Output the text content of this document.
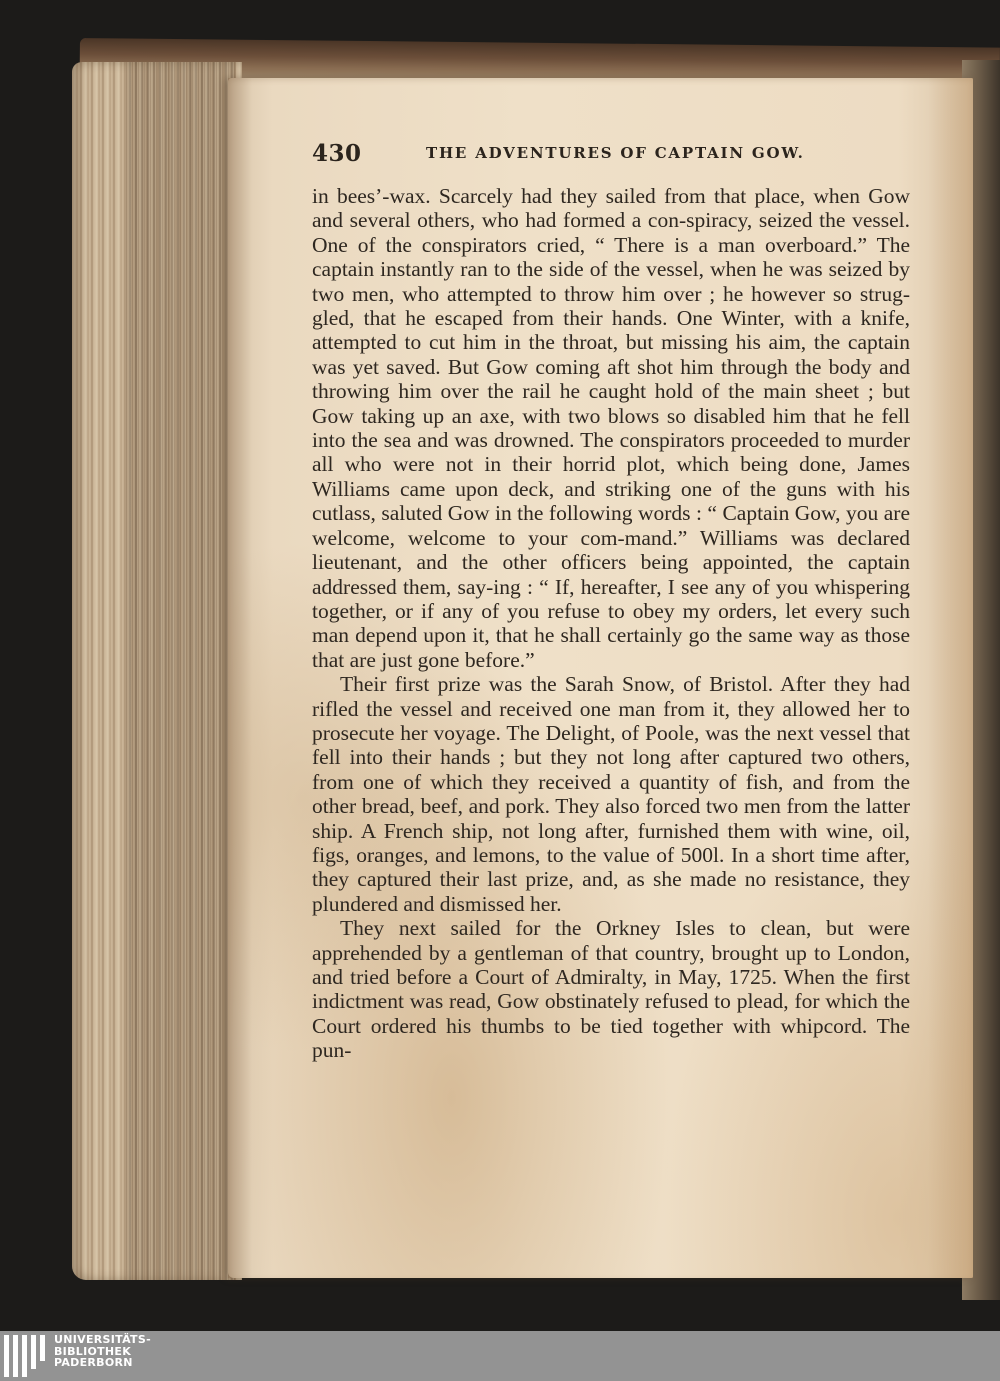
430	THE ADVENTURES OF CAPTAIN GOW.

in bees’-wax. Scarcely had they sailed from that place, when Gow and several others, who had formed a con-spiracy, seized the vessel. One of the conspirators cried, “ There is a man overboard.” The captain instantly ran to the side of the vessel, when he was seized by two men, who attempted to throw him over ; he however so strug-gled, that he escaped from their hands. One Winter, with a knife, attempted to cut him in the throat, but missing his aim, the captain was yet saved. But Gow coming aft shot him through the body and throwing him over the rail he caught hold of the main sheet ; but Gow taking up an axe, with two blows so disabled him that he fell into the sea and was drowned. The conspirators proceeded to murder all who were not in their horrid plot, which being done, James Williams came upon deck, and striking one of the guns with his cutlass, saluted Gow in the following words : “ Captain Gow, you are welcome, welcome to your com-mand.” Williams was declared lieutenant, and the other officers being appointed, the captain addressed them, say-ing : “ If, hereafter, I see any of you whispering together, or if any of you refuse to obey my orders, let every such man depend upon it, that he shall certainly go the same way as those that are just gone before.”

Their first prize was the Sarah Snow, of Bristol. After they had rifled the vessel and received one man from it, they allowed her to prosecute her voyage. The Delight, of Poole, was the next vessel that fell into their hands ; but they not long after captured two others, from one of which they received a quantity of fish, and from the other bread, beef, and pork. They also forced two men from the latter ship. A French ship, not long after, furnished them with wine, oil, figs, oranges, and lemons, to the value of 500l. In a short time after, they captured their last prize, and, as she made no resistance, they plundered and dismissed her.

They next sailed for the Orkney Isles to clean, but were apprehended by a gentleman of that country, brought up to London, and tried before a Court of Admiralty, in May, 1725. When the first indictment was read, Gow obstinately refused to plead, for which the Court ordered his thumbs to be tied together with whipcord. The pun-

UNIVERSITÄTS-
BIBLIOTHEK
PADERBORN
